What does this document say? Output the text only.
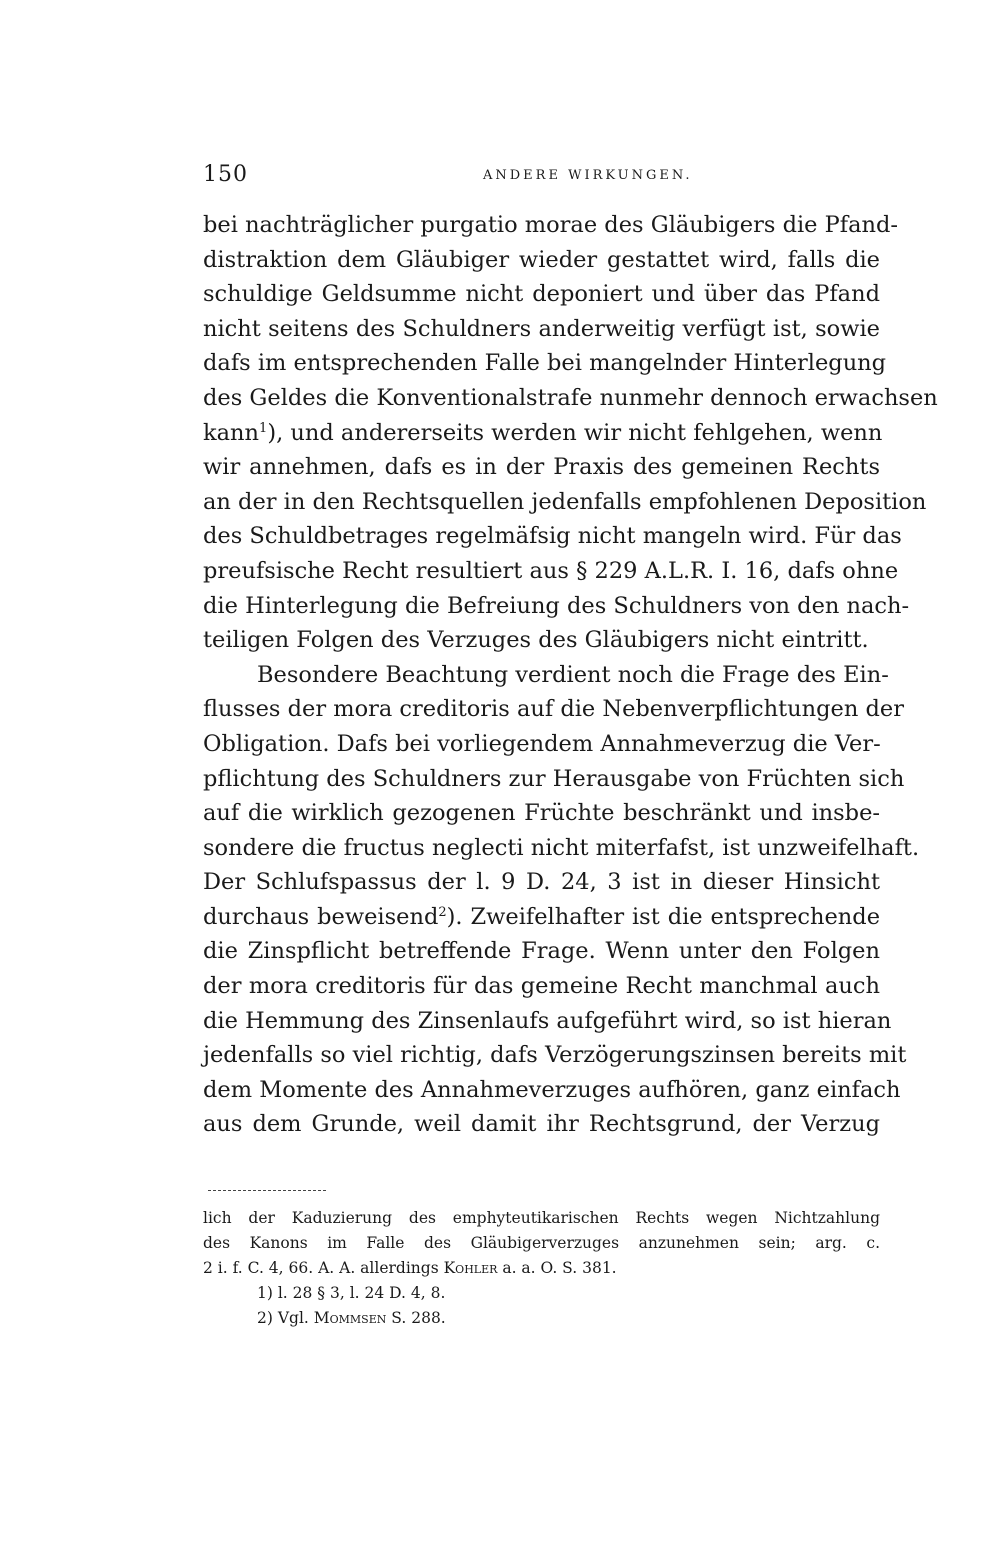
150	ANDERE WIRKUNGEN.
bei nachträglicher purgatio morae des Gläubigers die Pfand-
distraktion dem Gläubiger wieder gestattet wird, falls die
schuldige Geldsumme nicht deponiert und über das Pfand
nicht seitens des Schuldners anderweitig verfügt ist, sowie
dafs im entsprechenden Falle bei mangelnder Hinterlegung
des Geldes die Konventionalstrafe nunmehr dennoch erwachsen
kann$^1$), und andererseits werden wir nicht fehlgehen, wenn
wir annehmen, dafs es in der Praxis des gemeinen Rechts
an der in den Rechtsquellen jedenfalls empfohlenen Deposition
des Schuldbetrages regelmäfsig nicht mangeln wird. Für das
preufsische Recht resultiert aus § 229 A.L.R. I. 16, dafs ohne
die Hinterlegung die Befreiung des Schuldners von den nach-
teiligen Folgen des Verzuges des Gläubigers nicht eintritt.
Besondere Beachtung verdient noch die Frage des Ein-
flusses der mora creditoris auf die Nebenverpflichtungen der
Obligation. Dafs bei vorliegendem Annahmeverzug die Ver-
pflichtung des Schuldners zur Herausgabe von Früchten sich
auf die wirklich gezogenen Früchte beschränkt und insbe-
sondere die fructus neglecti nicht miterfafst, ist unzweifelhaft.
Der Schlufspassus der l. 9 D. 24, 3 ist in dieser Hinsicht
durchaus beweisend$^2$). Zweifelhafter ist die entsprechende
die Zinspflicht betreffende Frage. Wenn unter den Folgen
der mora creditoris für das gemeine Recht manchmal auch
die Hemmung des Zinsenlaufs aufgeführt wird, so ist hieran
jedenfalls so viel richtig, dafs Verzögerungszinsen bereits mit
dem Momente des Annahmeverzuges aufhören, ganz einfach
aus dem Grunde, weil damit ihr Rechtsgrund, der Verzug
lich der Kaduzierung des emphyteutikarischen Rechts wegen Nichtzahlung
des Kanons im Falle des Gläubigerverzuges anzunehmen sein; arg. c.
2 i. f. C. 4, 66. A. A. allerdings Kohler a. a. O. S. 381.
1) l. 28 § 3, l. 24 D. 4, 8.
2) Vgl. Mommsen S. 288.
